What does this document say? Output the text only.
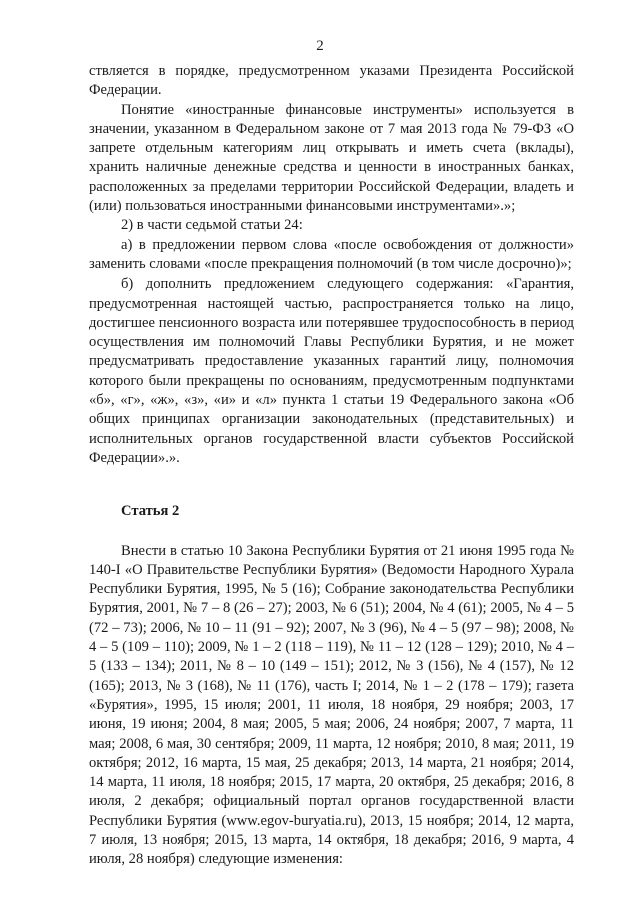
2

ствляется в порядке, предусмотренном указами Президента Российской Федерации.

Понятие «иностранные финансовые инструменты» используется в значении, указанном в Федеральном законе от 7 мая 2013 года № 79-ФЗ «О запрете отдельным категориям лиц открывать и иметь счета (вклады), хранить наличные денежные средства и ценности в иностранных банках, расположенных за пределами территории Российской Федерации, владеть и (или) пользоваться иностранными финансовыми инструментами».»;

2) в части седьмой статьи 24:

а) в предложении первом слова «после освобождения от должности» заменить словами «после прекращения полномочий (в том числе досрочно)»;

б) дополнить предложением следующего содержания: «Гарантия, предусмотренная настоящей частью, распространяется только на лицо, достигшее пенсионного возраста или потерявшее трудоспособность в период осуществления им полномочий Главы Республики Бурятия, и не может предусматривать предоставление указанных гарантий лицу, полномочия которого были прекращены по основаниям, предусмотренным подпунктами «б», «г», «ж», «з», «и» и «л» пункта 1 статьи 19 Федерального закона «Об общих принципах организации законодательных (представительных) и исполнительных органов государственной власти субъектов Российской Федерации».».

Статья 2

Внести в статью 10 Закона Республики Бурятия от 21 июня 1995 года № 140-I «О Правительстве Республики Бурятия» (Ведомости Народного Хурала Республики Бурятия, 1995, № 5 (16); Собрание законодательства Республики Бурятия, 2001, № 7 – 8 (26 – 27); 2003, № 6 (51); 2004, № 4 (61); 2005, № 4 – 5 (72 – 73); 2006, № 10 – 11 (91 – 92); 2007, № 3 (96), № 4 – 5 (97 – 98); 2008, № 4 – 5 (109 – 110); 2009, № 1 – 2 (118 – 119), № 11 – 12 (128 – 129); 2010, № 4 – 5 (133 – 134); 2011, № 8 – 10 (149 – 151); 2012, № 3 (156), № 4 (157), № 12 (165); 2013, № 3 (168), № 11 (176), часть I; 2014, № 1 – 2 (178 – 179); газета «Бурятия», 1995, 15 июля; 2001, 11 июля, 18 ноября, 29 ноября; 2003, 17 июня, 19 июня; 2004, 8 мая; 2005, 5 мая; 2006, 24 ноября; 2007, 7 марта, 11 мая; 2008, 6 мая, 30 сентября; 2009, 11 марта, 12 ноября; 2010, 8 мая; 2011, 19 октября; 2012, 16 марта, 15 мая, 25 декабря; 2013, 14 марта, 21 ноября; 2014, 14 марта, 11 июля, 18 ноября; 2015, 17 марта, 20 октября, 25 декабря; 2016, 8 июля, 2 декабря; официальный портал органов государственной власти Республики Бурятия (www.egov-buryatia.ru), 2013, 15 ноября; 2014, 12 марта, 7 июля, 13 ноября; 2015, 13 марта, 14 октября, 18 декабря; 2016, 9 марта, 4 июля, 28 ноября) следующие изменения:
